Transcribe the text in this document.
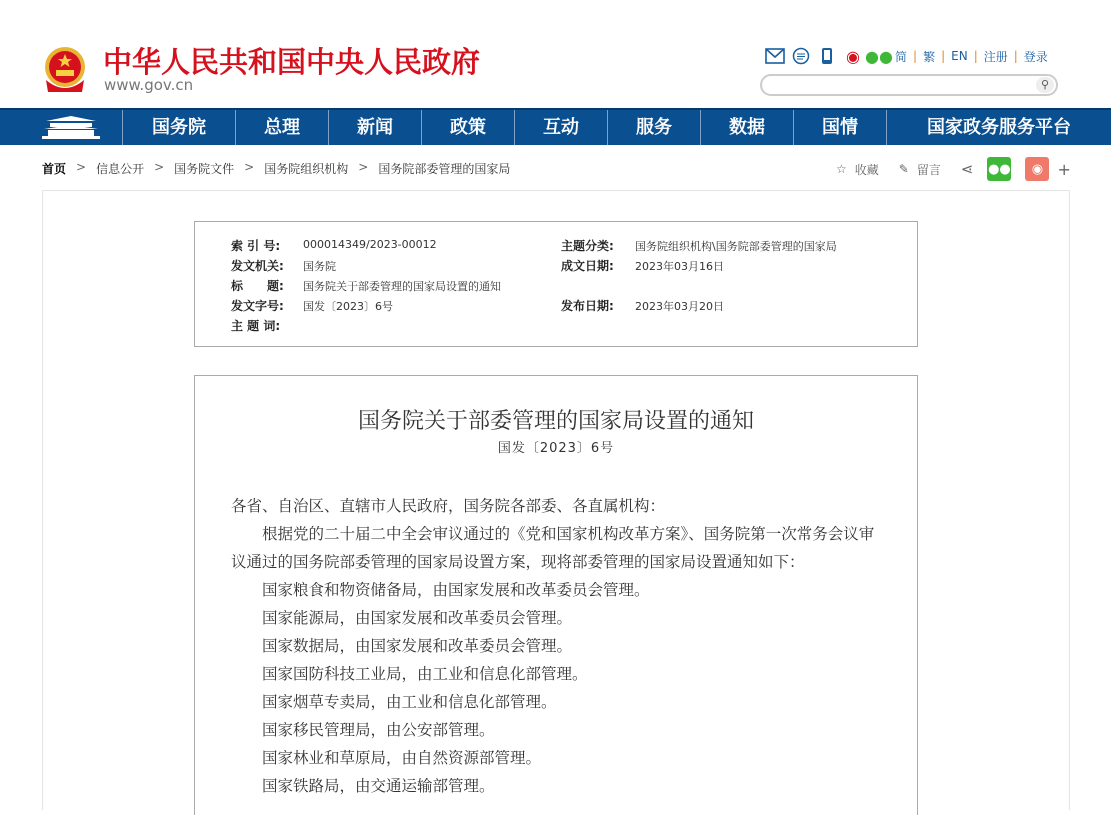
中华人民共和国中央人民政府
www.gov.cn
◉ ●● 简 | 繁 | EN | 注册 | 登录
⚲
国务院	总理	新闻	政策	互动	服务	数据	国情	国家政务服务平台
首页 > 信息公开 > 国务院文件 > 国务院组织机构 > 国务院部委管理的国家局	☆ 收藏 ✎ 留言 ⋖ ●●	◉ +
索 引 号: 000014349/2023-00012	主题分类: 国务院组织机构\国务院部委管理的国家局
发文机关: 国务院	成文日期: 2023年03月16日
标　　题: 国务院关于部委管理的国家局设置的通知
发文字号: 国发〔2023〕6号	发布日期: 2023年03月20日
主 题 词:
国务院关于部委管理的国家局设置的通知
国发〔2023〕6号

各省、自治区、直辖市人民政府，国务院各部委、各直属机构：

根据党的二十届二中全会审议通过的《党和国家机构改革方案》、国务院第一次常务会议审议通过的国务院部委管理的国家局设置方案，现将部委管理的国家局设置通知如下：

国家粮食和物资储备局，由国家发展和改革委员会管理。

国家能源局，由国家发展和改革委员会管理。

国家数据局，由国家发展和改革委员会管理。

国家国防科技工业局，由工业和信息化部管理。

国家烟草专卖局，由工业和信息化部管理。

国家移民管理局，由公安部管理。

国家林业和草原局，由自然资源部管理。

国家铁路局，由交通运输部管理。
